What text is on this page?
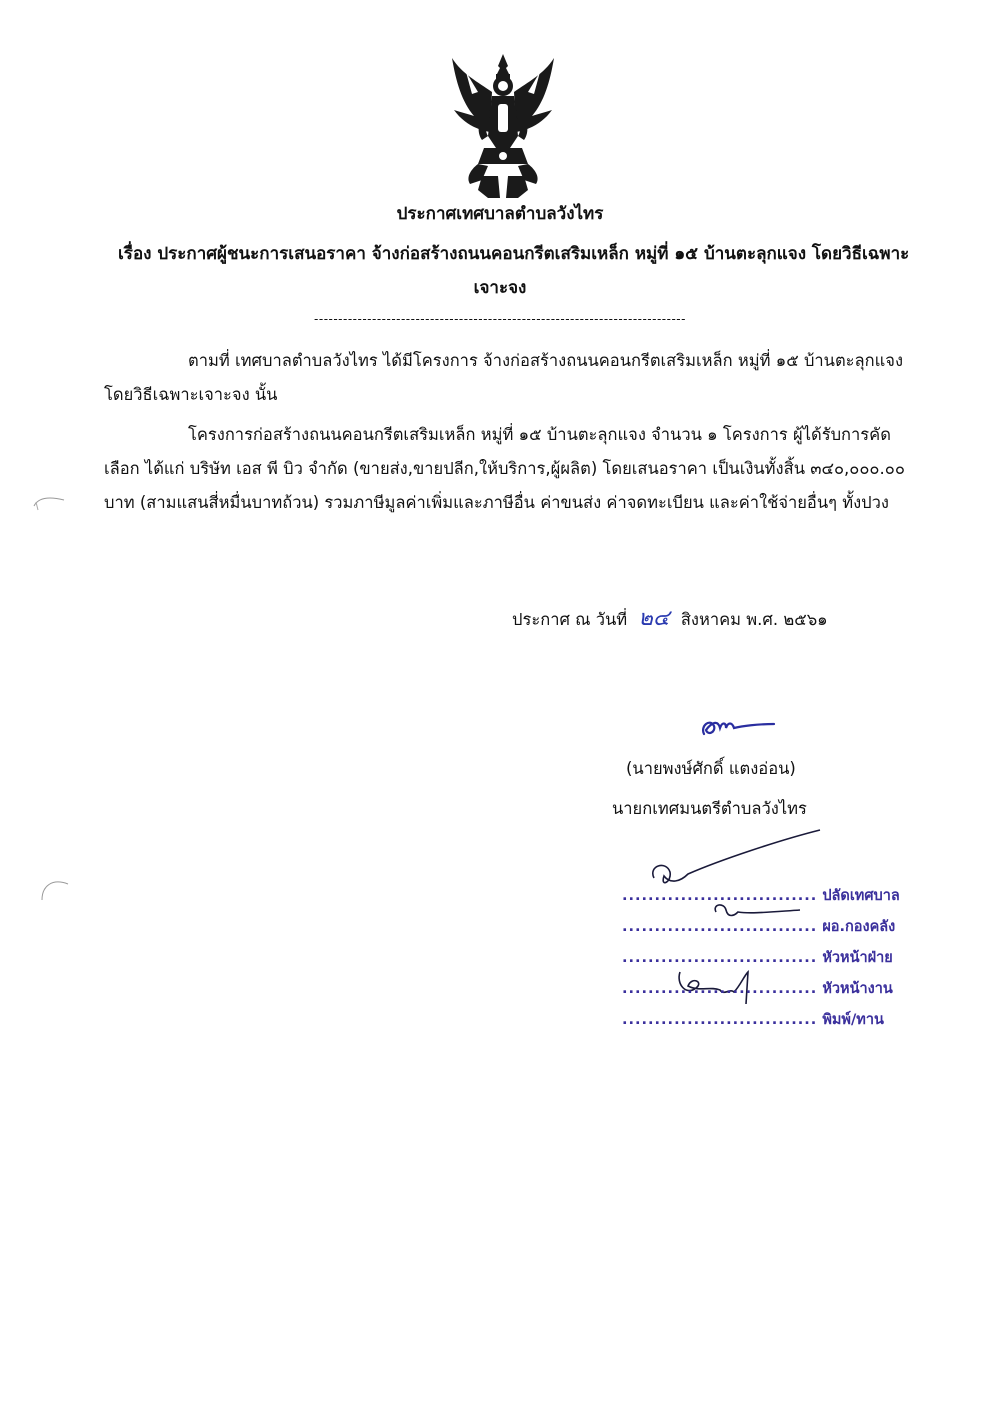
ประกาศเทศบาลตำบลวังไทร
เรื่อง ประกาศผู้ชนะการเสนอราคา จ้างก่อสร้างถนนคอนกรีตเสริมเหล็ก หมู่ที่ ๑๕ บ้านตะลุกแจง โดยวิธีเฉพาะ
เจาะจง
-----------------------------------------------------------------------------
ตามที่ เทศบาลตำบลวังไทร ได้มีโครงการ จ้างก่อสร้างถนนคอนกรีตเสริมเหล็ก หมู่ที่ ๑๕ บ้านตะลุกแจง โดยวิธีเฉพาะเจาะจง นั้น
โครงการก่อสร้างถนนคอนกรีตเสริมเหล็ก หมู่ที่ ๑๕ บ้านตะลุกแจง จำนวน ๑ โครงการ ผู้ได้รับการคัดเลือก ได้แก่ บริษัท เอส พี บิว จำกัด (ขายส่ง,ขายปลีก,ให้บริการ,ผู้ผลิต) โดยเสนอราคา เป็นเงินทั้งสิ้น ๓๔๐,๐๐๐.๐๐ บาท (สามแสนสี่หมื่นบาทถ้วน) รวมภาษีมูลค่าเพิ่มและภาษีอื่น ค่าขนส่ง ค่าจดทะเบียน และค่าใช้จ่ายอื่นๆ ทั้งปวง
ประกาศ ณ วันที่ ๒๔ สิงหาคม พ.ศ. ๒๕๖๑
(นายพงษ์ศักดิ์ แตงอ่อน)
นายกเทศมนตรีตำบลวังไทร
.............................. ปลัดเทศบาล
.............................. ผอ.กองคลัง
.............................. หัวหน้าฝ่าย
.............................. หัวหน้างาน
.............................. พิมพ์/ทาน
